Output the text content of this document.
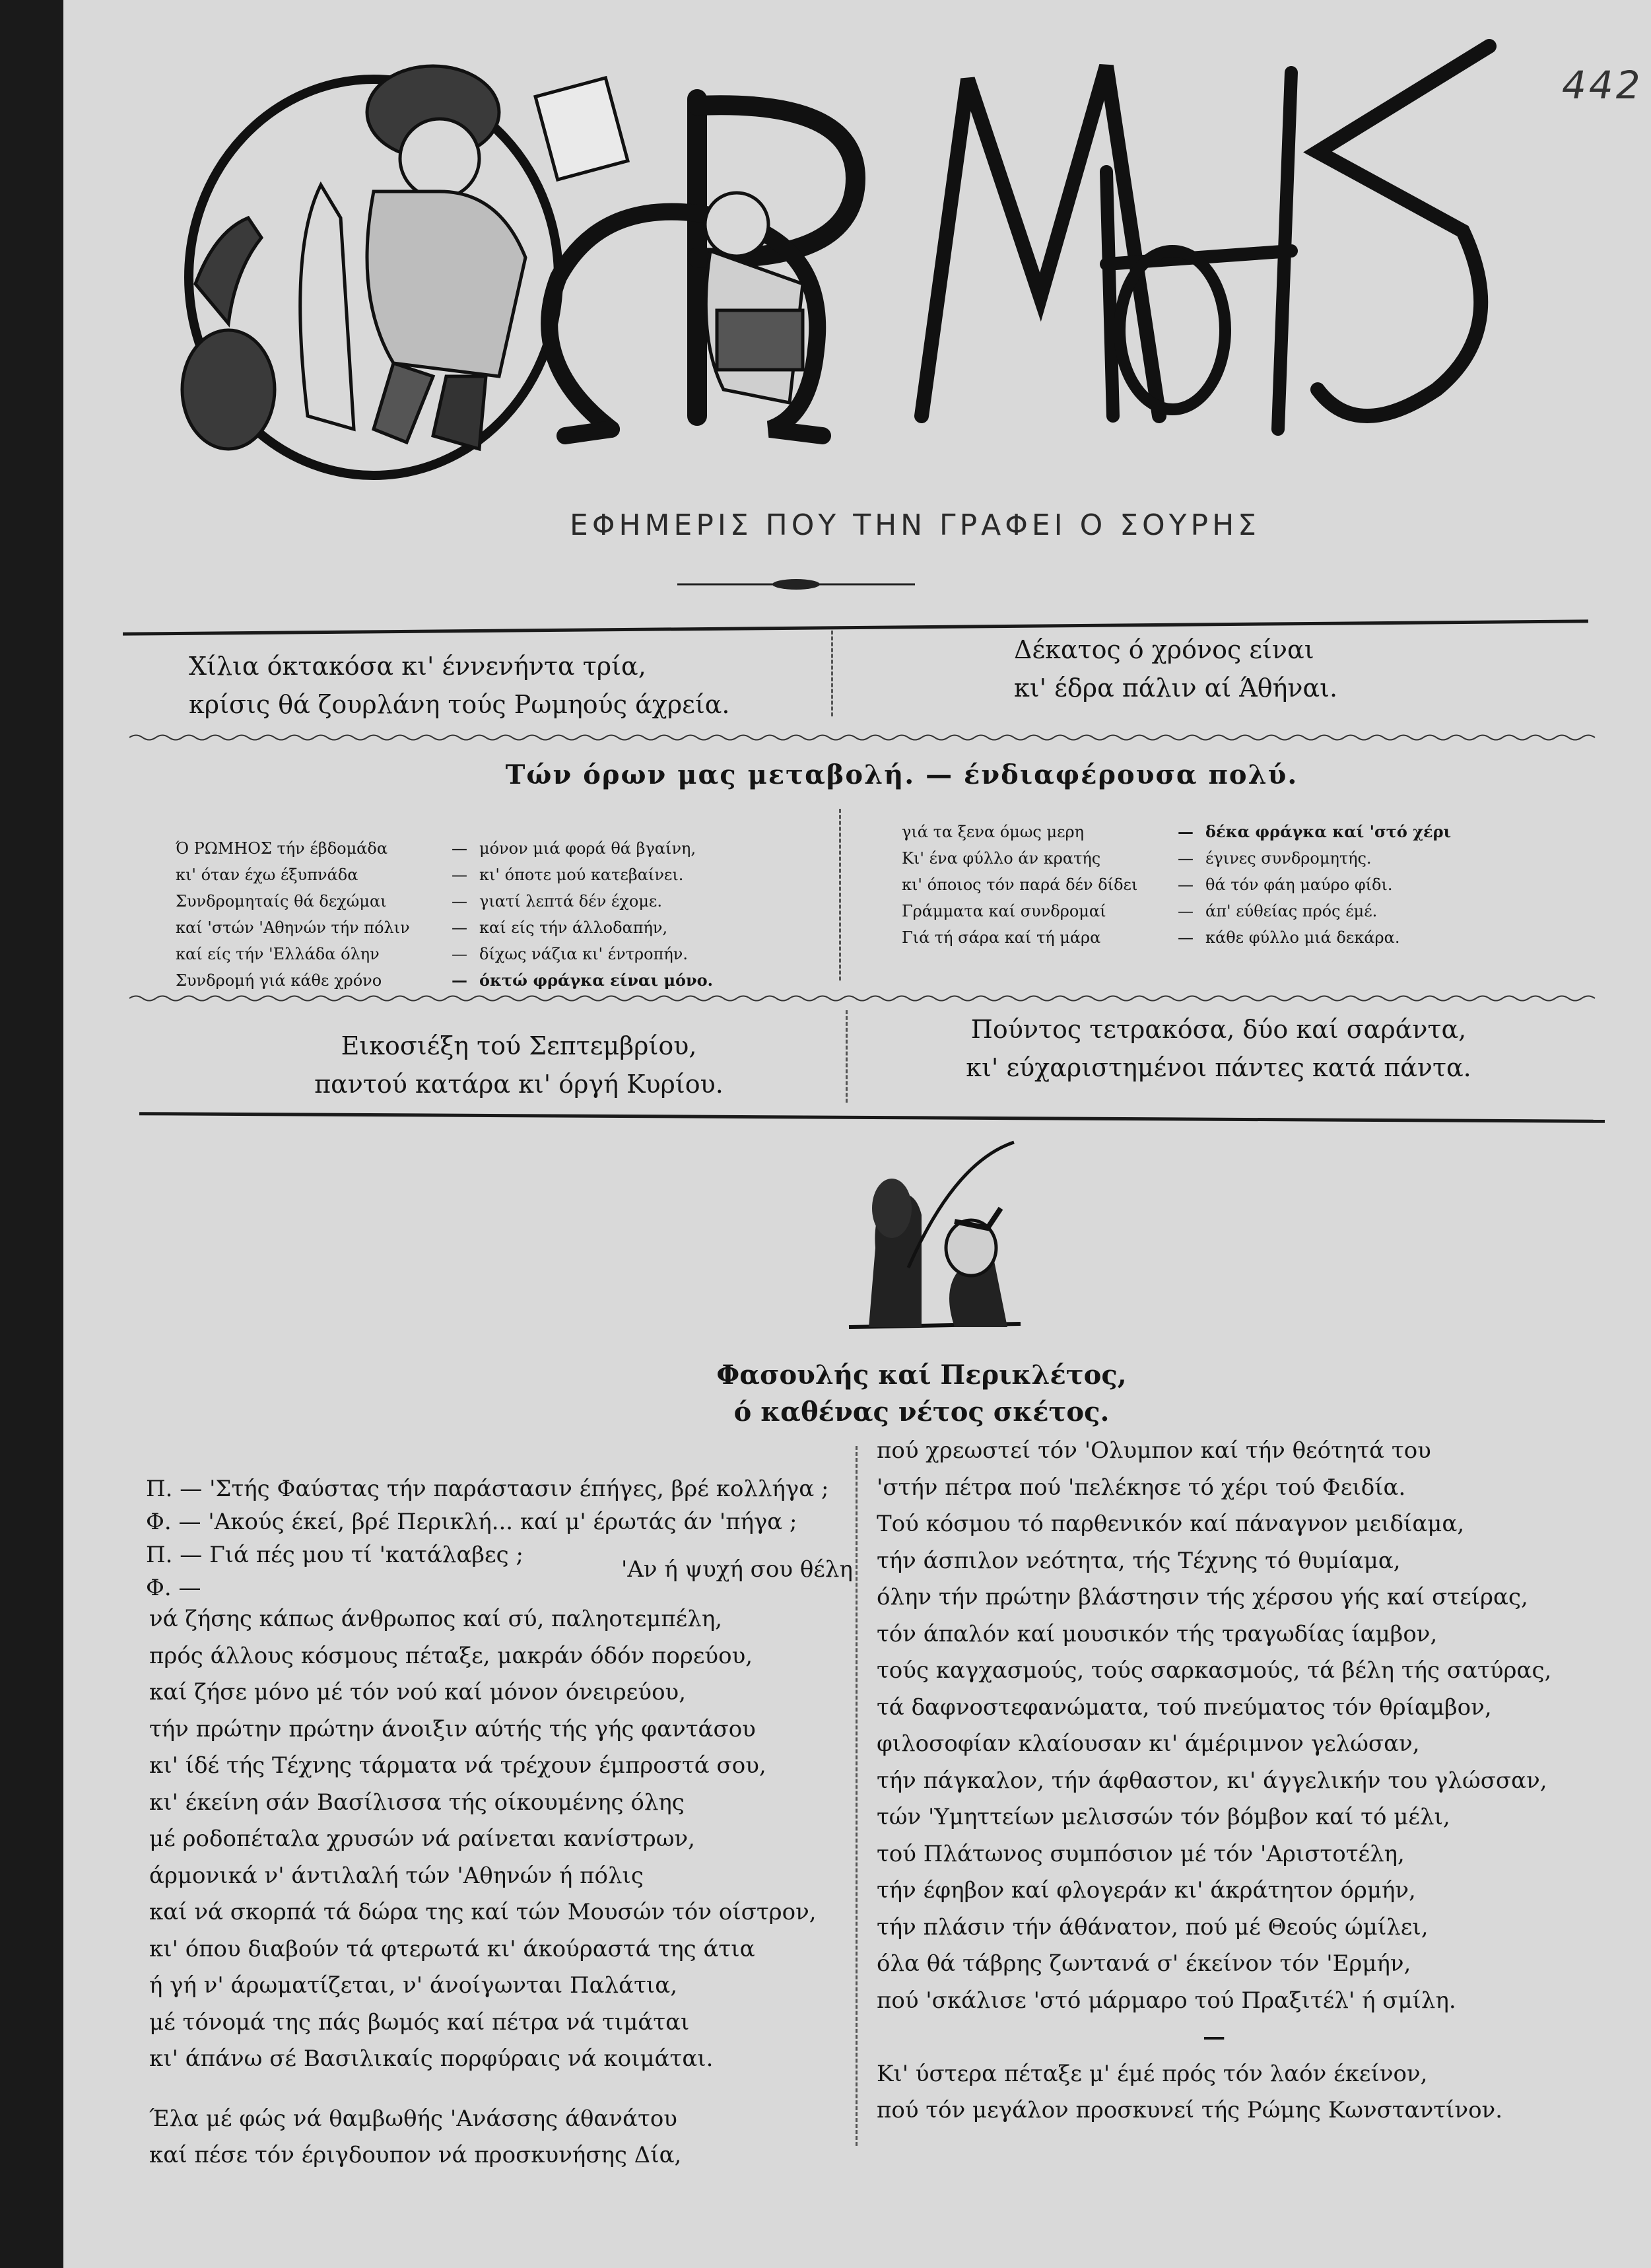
442
ΕΦΗΜΕΡΙΣ ΠΟΥ ΤΗΝ ΓΡΑΦΕΙ Ο ΣΟΥΡΗΣ
Χίλια όκτακόσα κι' έννενήντα τρία,
κρίσις θά ζουρλάνη τούς Ρωμηούς άχρεία.
Δέκατος ό χρόνος είναι
κι' έδρα πάλιν αί Άθήναι.
Τών όρων μας μεταβολή. — ένδιαφέρουσα πολύ.
Ό ΡΩΜΗΟΣ τήν έβδομάδα	— μόνον μιά φορά θά βγαίνη,
κι' όταν έχω έξυπνάδα	— κι' όποτε μού κατεβαίνει.
Συνδρομηταίς θά δεχώμαι	— γιατί λεπτά δέν έχομε.
καί 'στών 'Αθηνών τήν πόλιν	— καί είς τήν άλλοδαπήν,
καί είς τήν 'Ελλάδα όλην	— δίχως νάζια κι' έντροπήν.
Συνδρομή γιά κάθε χρόνο	— όκτώ φράγκα είναι μόνο.
γιά τα ξενα όμως μερη	— δέκα φράγκα καί 'στό χέρι
Κι' ένα φύλλο άν κρατής	— έγινες συνδρομητής.
κι' όποιος τόν παρά δέν δίδει	— θά τόν φάη μαύρο φίδι.
Γράμματα καί συνδρομαί	— άπ' εύθείας πρός έμέ.
Γιά τή σάρα καί τή μάρα	— κάθε φύλλο μιά δεκάρα.
Εικοσιέξη τού Σεπτεμβρίου,
παντού κατάρα κι' όργή Κυρίου.
Πούντος τετρακόσα, δύο καί σαράντα,
κι' εύχαριστημένοι πάντες κατά πάντα.
Φασουλής καί Περικλέτος,
ό καθένας νέτος σκέτος.
Π. — 'Στής Φαύστας τήν παράστασιν έπήγες, βρέ κολλήγα ;
Φ. — 'Ακούς έκεί, βρέ Περικλή... καί μ' έρωτάς άν 'πήγα ;
Π. — Γιά πές μου τί 'κατάλαβες ;
Φ. —
'Αν ή ψυχή σου θέλη
νά ζήσης κάπως άνθρωπος καί σύ, παληοτεμπέλη,
πρός άλλους κόσμους πέταξε, μακράν όδόν πορεύου,
καί ζήσε μόνο μέ τόν νού καί μόνον όνειρεύου,
τήν πρώτην πρώτην άνοιξιν αύτής τής γής φαντάσου
κι' ίδέ τής Τέχνης τάρματα νά τρέχουν έμπροστά σου,
κι' έκείνη σάν Βασίλισσα τής οίκουμένης όλης
μέ ροδοπέταλα χρυσών νά ραίνεται κανίστρων,
άρμονικά ν' άντιλαλή τών 'Αθηνών ή πόλις
καί νά σκορπά τά δώρα της καί τών Μουσών τόν οίστρον,
κι' όπου διαβούν τά φτερωτά κι' άκούραστά της άτια
ή γή ν' άρωματίζεται, ν' άνοίγωνται Παλάτια,
μέ τόνομά της πάς βωμός καί πέτρα νά τιμάται
κι' άπάνω σέ Βασιλικαίς πορφύραις νά κοιμάται.
Έλα μέ φώς νά θαμβωθής 'Ανάσσης άθανάτου
καί πέσε τόν έριγδουπον νά προσκυνήσης Δία,
πού χρεωστεί τόν 'Ολυμπον καί τήν θεότητά του
'στήν πέτρα πού 'πελέκησε τό χέρι τού Φειδία.
Τού κόσμου τό παρθενικόν καί πάναγνον μειδίαμα,
τήν άσπιλον νεότητα, τής Τέχνης τό θυμίαμα,
όλην τήν πρώτην βλάστησιν τής χέρσου γής καί στείρας,
τόν άπαλόν καί μουσικόν τής τραγωδίας ίαμβον,
τούς καγχασμούς, τούς σαρκασμούς, τά βέλη τής σατύρας,
τά δαφνοστεφανώματα, τού πνεύματος τόν θρίαμβον,
φιλοσοφίαν κλαίουσαν κι' άμέριμνον γελώσαν,
τήν πάγκαλον, τήν άφθαστον, κι' άγγελικήν του γλώσσαν,
τών 'Υμηττείων μελισσών τόν βόμβον καί τό μέλι,
τού Πλάτωνος συμπόσιον μέ τόν 'Αριστοτέλη,
τήν έφηβον καί φλογεράν κι' άκράτητον όρμήν,
τήν πλάσιν τήν άθάνατον, πού μέ Θεούς ώμίλει,
όλα θά τάβρης ζωντανά σ' έκείνον τόν 'Ερμήν,
πού 'σκάλισε 'στό μάρμαρο τού Πραξιτέλ' ή σμίλη.
—
Κι' ύστερα πέταξε μ' έμέ πρός τόν λαόν έκείνον,
πού τόν μεγάλον προσκυνεί τής Ρώμης Κωνσταντίνον.
